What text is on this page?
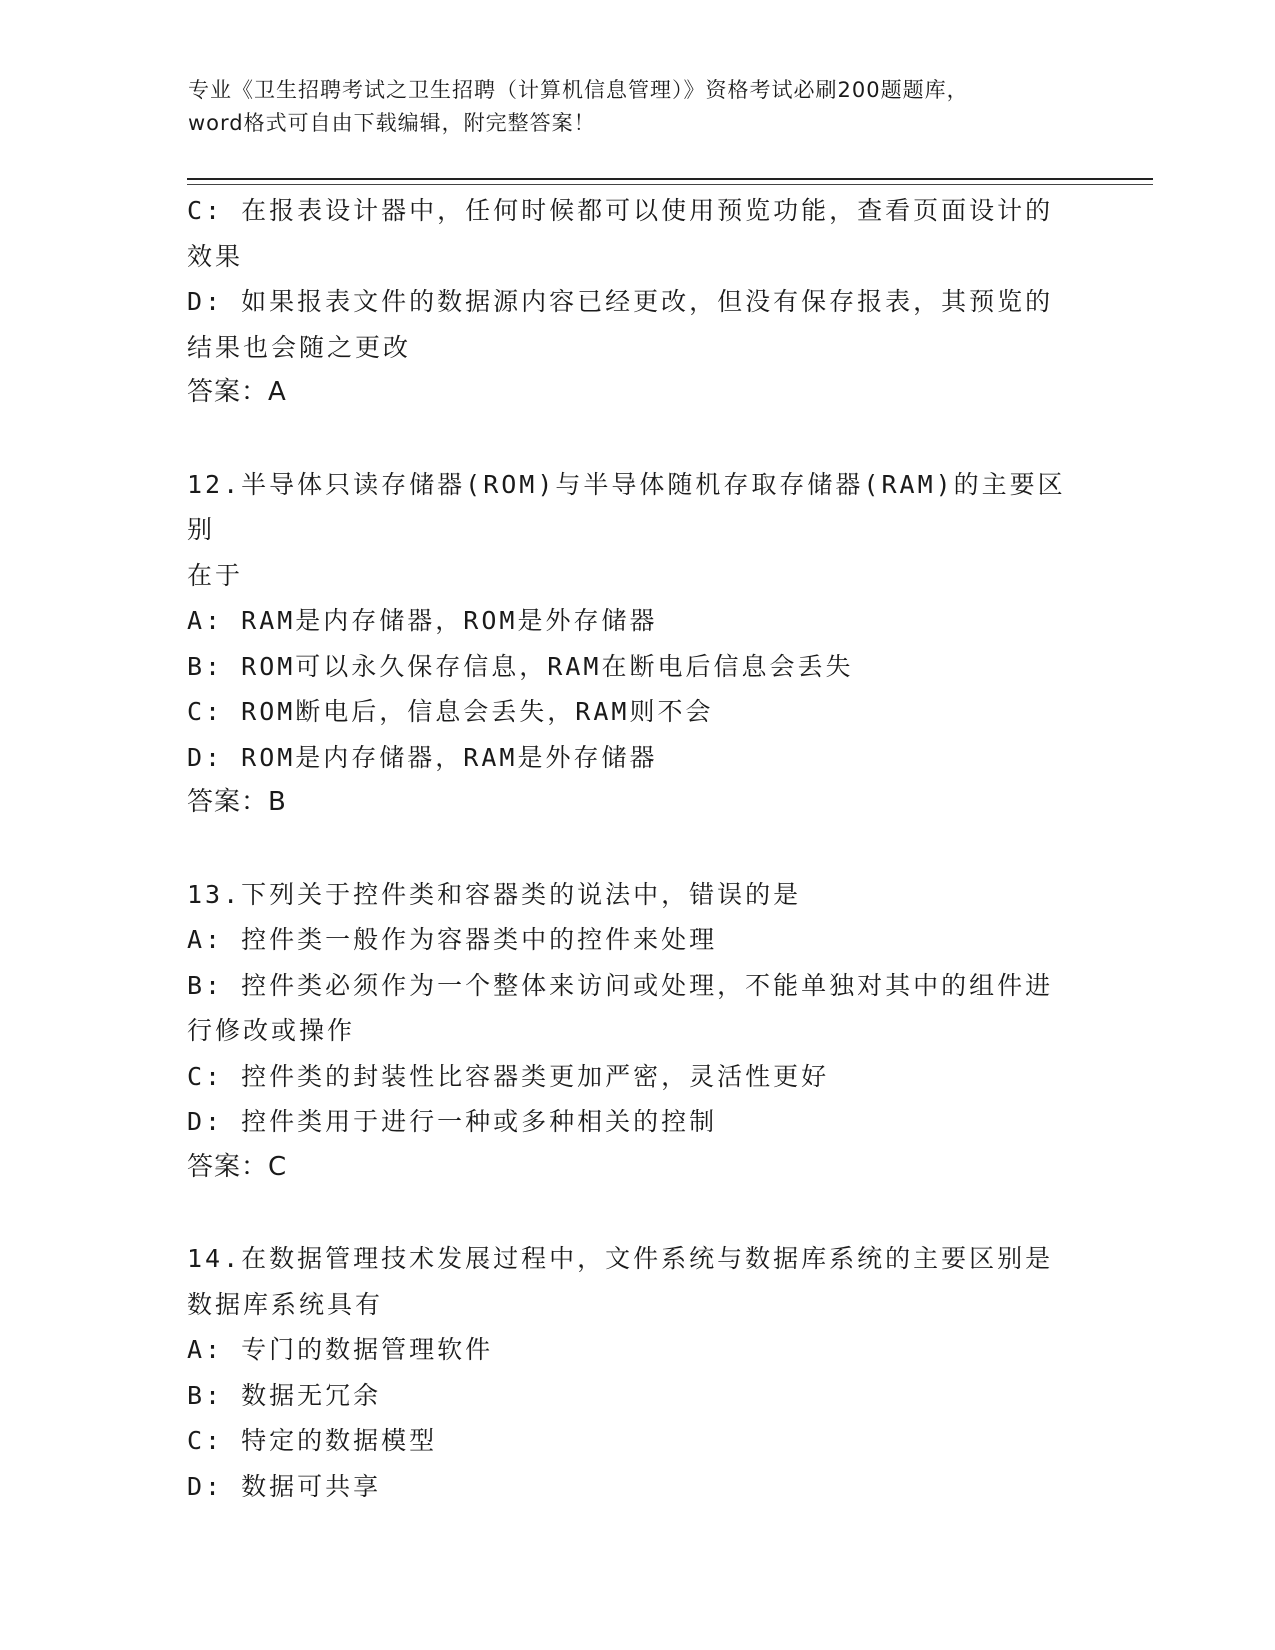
专业《卫生招聘考试之卫生招聘（计算机信息管理）》资格考试必刷200题题库，
word格式可自由下载编辑，附完整答案！
C: 在报表设计器中，任何时候都可以使用预览功能，查看页面设计的
效果
D: 如果报表文件的数据源内容已经更改，但没有保存报表，其预览的
结果也会随之更改
答案：A
12.半导体只读存储器(ROM)与半导体随机存取存储器(RAM)的主要区别
在于
A: RAM是内存储器，ROM是外存储器
B: ROM可以永久保存信息，RAM在断电后信息会丢失
C: ROM断电后，信息会丢失，RAM则不会
D: ROM是内存储器，RAM是外存储器
答案：B
13.下列关于控件类和容器类的说法中，错误的是
A: 控件类一般作为容器类中的控件来处理
B: 控件类必须作为一个整体来访问或处理，不能单独对其中的组件进
行修改或操作
C: 控件类的封装性比容器类更加严密，灵活性更好
D: 控件类用于进行一种或多种相关的控制
答案：C
14.在数据管理技术发展过程中，文件系统与数据库系统的主要区别是
数据库系统具有
A: 专门的数据管理软件
B: 数据无冗余
C: 特定的数据模型
D: 数据可共享
